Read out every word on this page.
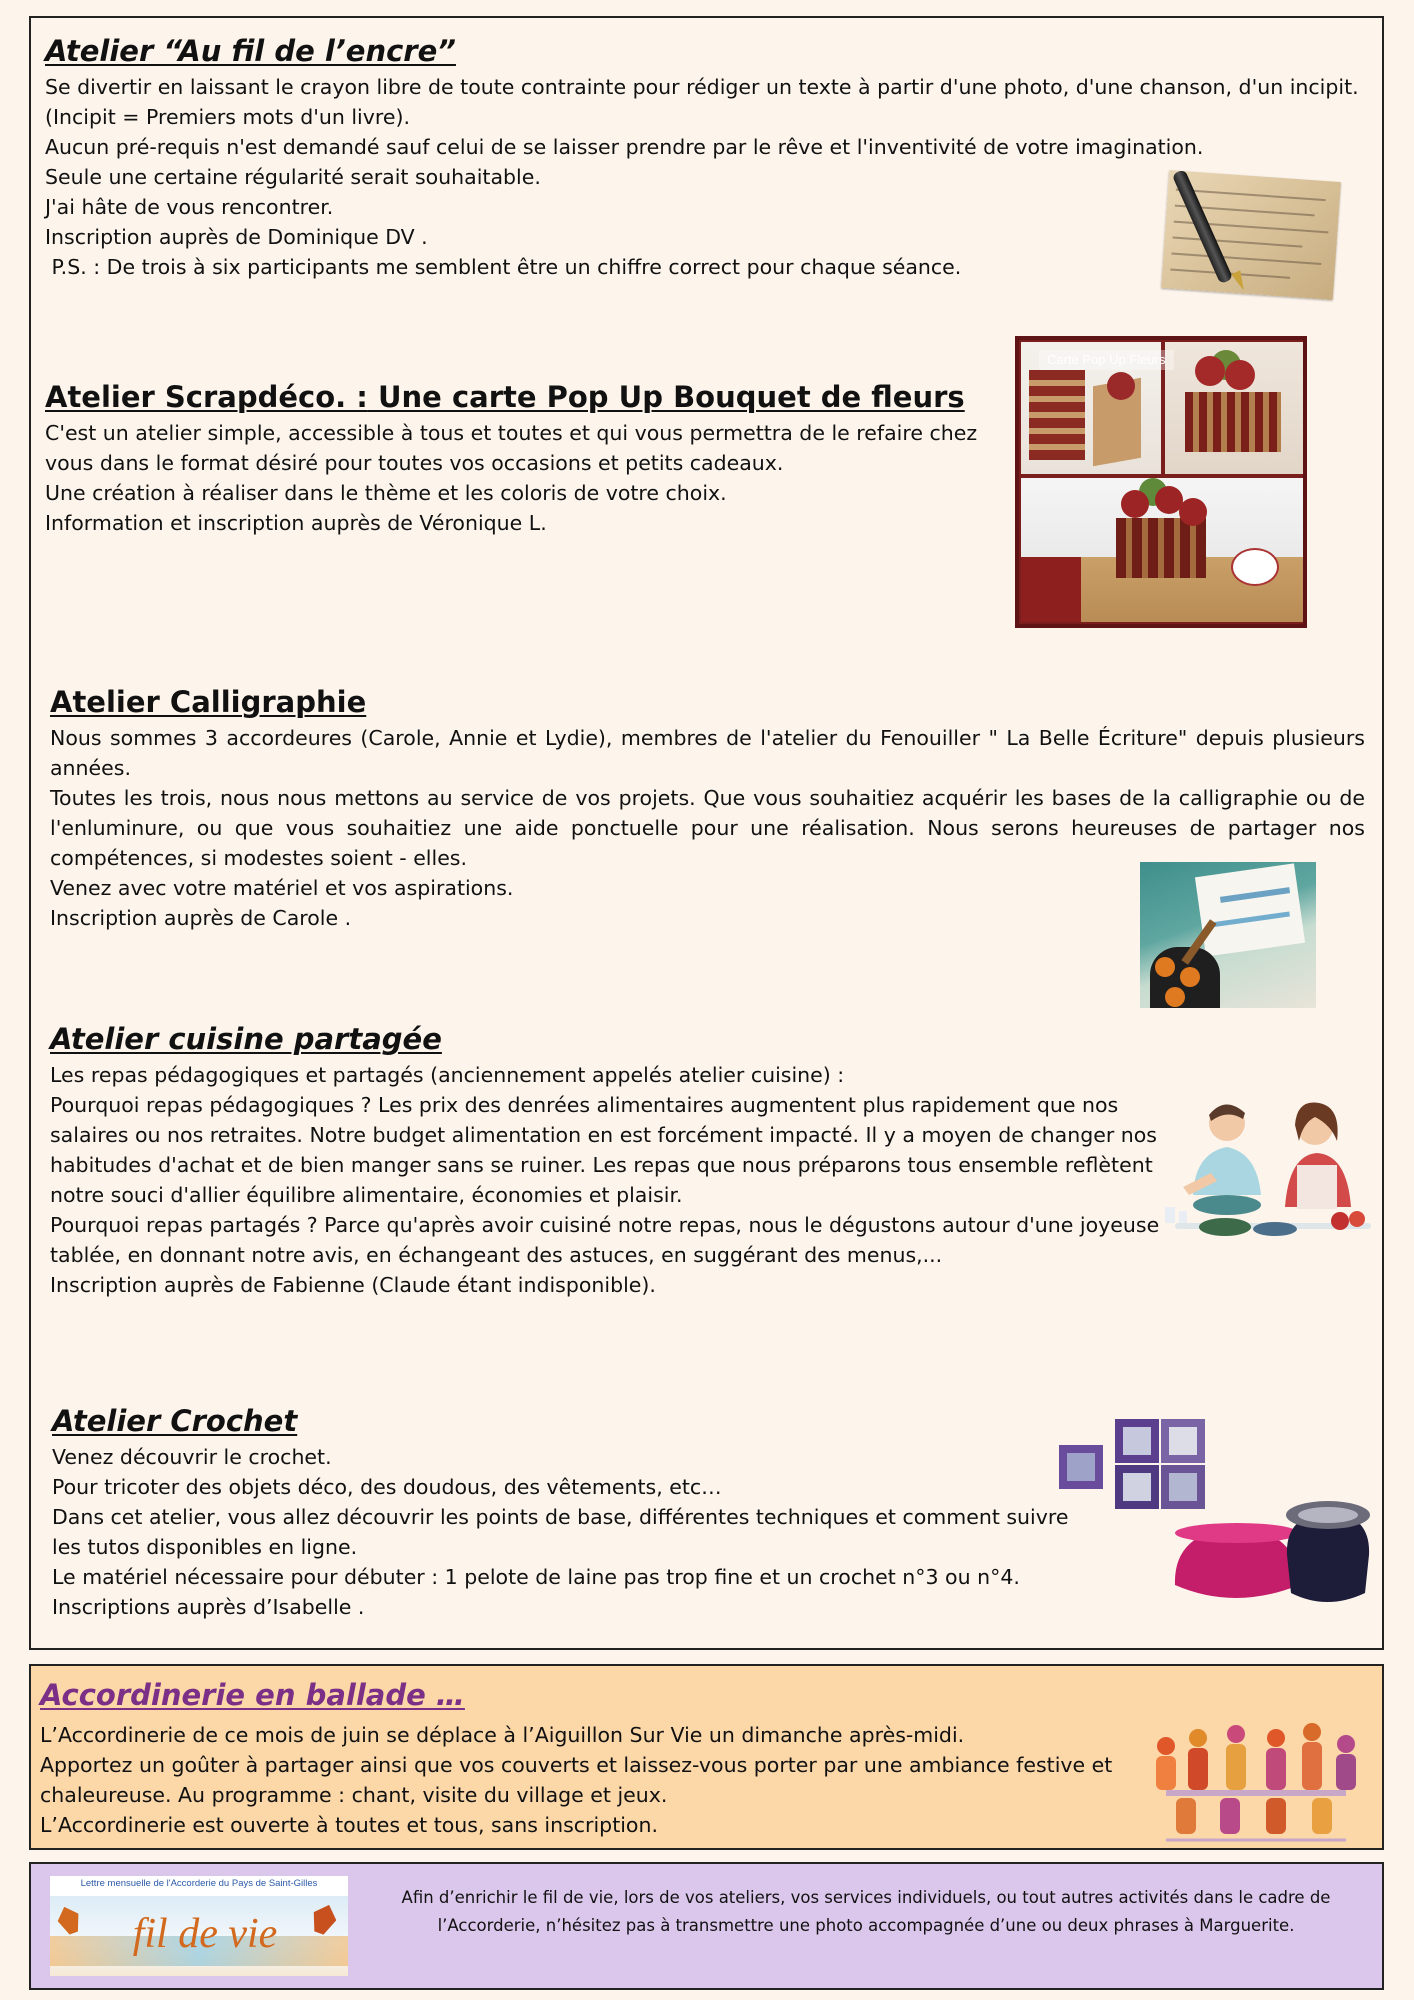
Atelier “Au fil de l’encre”

Se divertir en laissant le crayon libre de toute contrainte pour rédiger un texte à partir d'une photo, d'une chanson, d'un incipit.

(Incipit = Premiers mots d'un livre).

Aucun pré-requis n'est demandé sauf celui de se laisser prendre par le rêve et l'inventivité de votre imagination.

Seule une certaine régularité serait souhaitable.

J'ai hâte de vous rencontrer.

Inscription auprès de Dominique DV .

P.S. : De trois à six participants me semblent être un chiffre correct pour chaque séance.

Atelier Scrapdéco. : Une carte Pop Up Bouquet de fleurs

C'est un atelier simple, accessible à tous et toutes et qui vous permettra de le refaire chez

vous dans le format désiré pour toutes vos occasions et petits cadeaux.

Une création à réaliser dans le thème et les coloris de votre choix.

Information et inscription auprès de Véronique L.

Carte Pop Up Fleurs
Atelier Calligraphie

Nous sommes 3 accordeures (Carole, Annie et Lydie), membres de l'atelier du Fenouiller " La Belle Écriture" depuis plusieurs années.

Toutes les trois, nous nous mettons au service de vos projets. Que vous souhaitiez acquérir les bases de la calligraphie ou de l'enluminure, ou que vous souhaitiez une aide ponctuelle pour une réalisation. Nous serons heureuses de partager nos compétences, si modestes soient - elles.

Venez avec votre matériel et vos aspirations.

Inscription auprès de Carole .

Atelier cuisine partagée

Les repas pédagogiques et partagés (anciennement appelés atelier cuisine) :

Pourquoi repas pédagogiques ? Les prix des denrées alimentaires augmentent plus rapidement que nos

salaires ou nos retraites. Notre budget alimentation en est forcément impacté. Il y a moyen de changer nos

habitudes d'achat et de bien manger sans se ruiner. Les repas que nous préparons tous ensemble reflètent

notre souci d'allier équilibre alimentaire, économies et plaisir.

Pourquoi repas partagés ? Parce qu'après avoir cuisiné notre repas, nous le dégustons autour d'une joyeuse

tablée, en donnant notre avis, en échangeant des astuces, en suggérant des menus,...

Inscription auprès de Fabienne (Claude étant indisponible).

Atelier Crochet

Venez découvrir le crochet.

Pour tricoter des objets déco, des doudous, des vêtements, etc…

Dans cet atelier, vous allez découvrir les points de base, différentes techniques et comment suivre

les tutos disponibles en ligne.

Le matériel nécessaire pour débuter : 1 pelote de laine pas trop fine et un crochet n°3 ou n°4.

Inscriptions auprès d’Isabelle .

Accordinerie en ballade …

L’Accordinerie de ce mois de juin se déplace à l’Aiguillon Sur Vie un dimanche après-midi.

Apportez un goûter à partager ainsi que vos couverts et laissez-vous porter par une ambiance festive et

chaleureuse. Au programme : chant, visite du village et jeux.

L’Accordinerie est ouverte à toutes et tous, sans inscription.

Lettre mensuelle de l'Accorderie du Pays de Saint-Gilles
fil de vie
Afin d’enrichir le fil de vie, lors de vos ateliers, vos services individuels, ou tout autres activités dans le cadre de
l’Accorderie, n’hésitez pas à transmettre une photo accompagnée d’une ou deux phrases à Marguerite.
